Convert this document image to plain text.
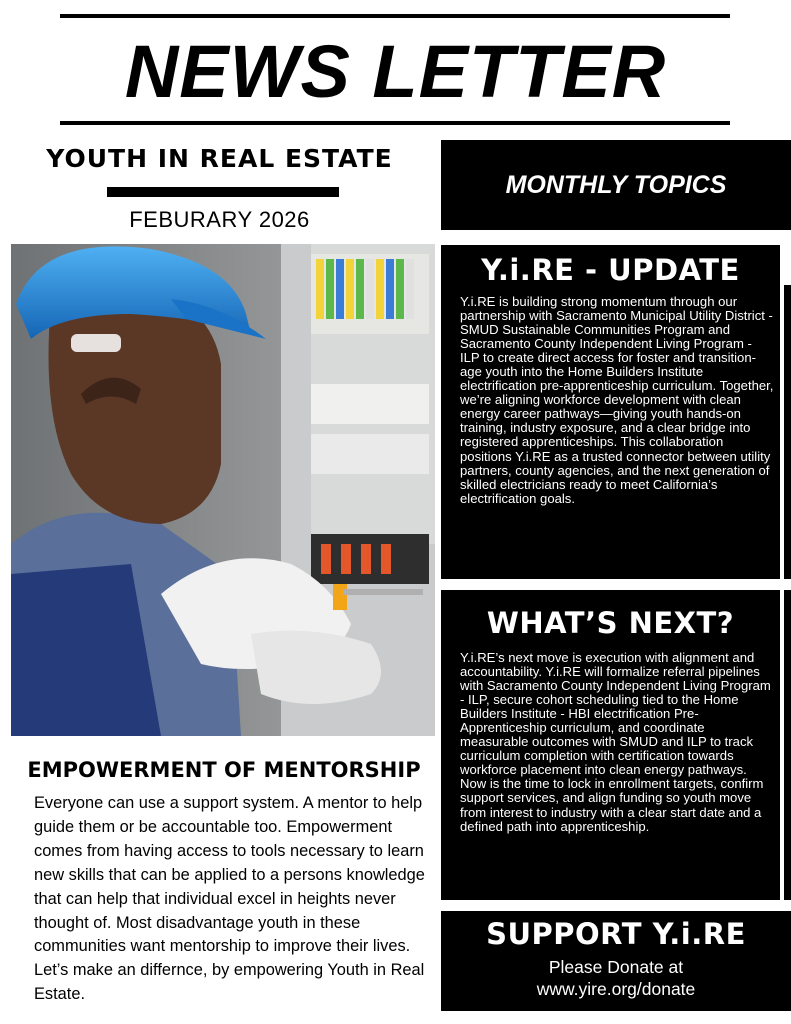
NEWS LETTER
YOUTH IN REAL ESTATE
FEBURARY 2026
EMPOWERMENT OF MENTORSHIP

Everyone can use a support system. A mentor to help guide them or be accountable too. Empowerment comes from having access to tools necessary to learn new skills that can be applied to a persons knowledge that can help that individual excel in heights never thought of. Most disadvantage youth in these communities want mentorship to improve their lives. Let’s make an differnce, by empowering Youth in Real Estate.

MONTHLY TOPICS
Y.i.RE - UPDATE

Y.i.RE is building strong momentum through our partnership with Sacramento Municipal Utility District - SMUD Sustainable Communities Program and Sacramento County Independent Living Program - ILP to create direct access for foster and transition-age youth into the Home Builders Institute electrification pre-apprenticeship curriculum. Together, we’re aligning workforce development with clean energy career pathways—giving youth hands-on training, industry exposure, and a clear bridge into registered apprenticeships. This collaboration positions Y.i.RE as a trusted connector between utility partners, county agencies, and the next generation of skilled electricians ready to meet California’s electrification goals.

WHAT’S NEXT?

Y.i.RE’s next move is execution with alignment and accountability. Y.i.RE will formalize referral pipelines with Sacramento County Independent Living Program - ILP, secure cohort scheduling tied to the Home Builders Institute - HBI electrification Pre-Apprenticeship curriculum, and coordinate measurable outcomes with SMUD and ILP to track curriculum completion with certification towards workforce placement into clean energy pathways. Now is the time to lock in enrollment targets, confirm support services, and align funding so youth move from interest to industry with a clear start date and a defined path into apprenticeship.

SUPPORT Y.i.RE
Please Donate at
www.yire.org/donate
